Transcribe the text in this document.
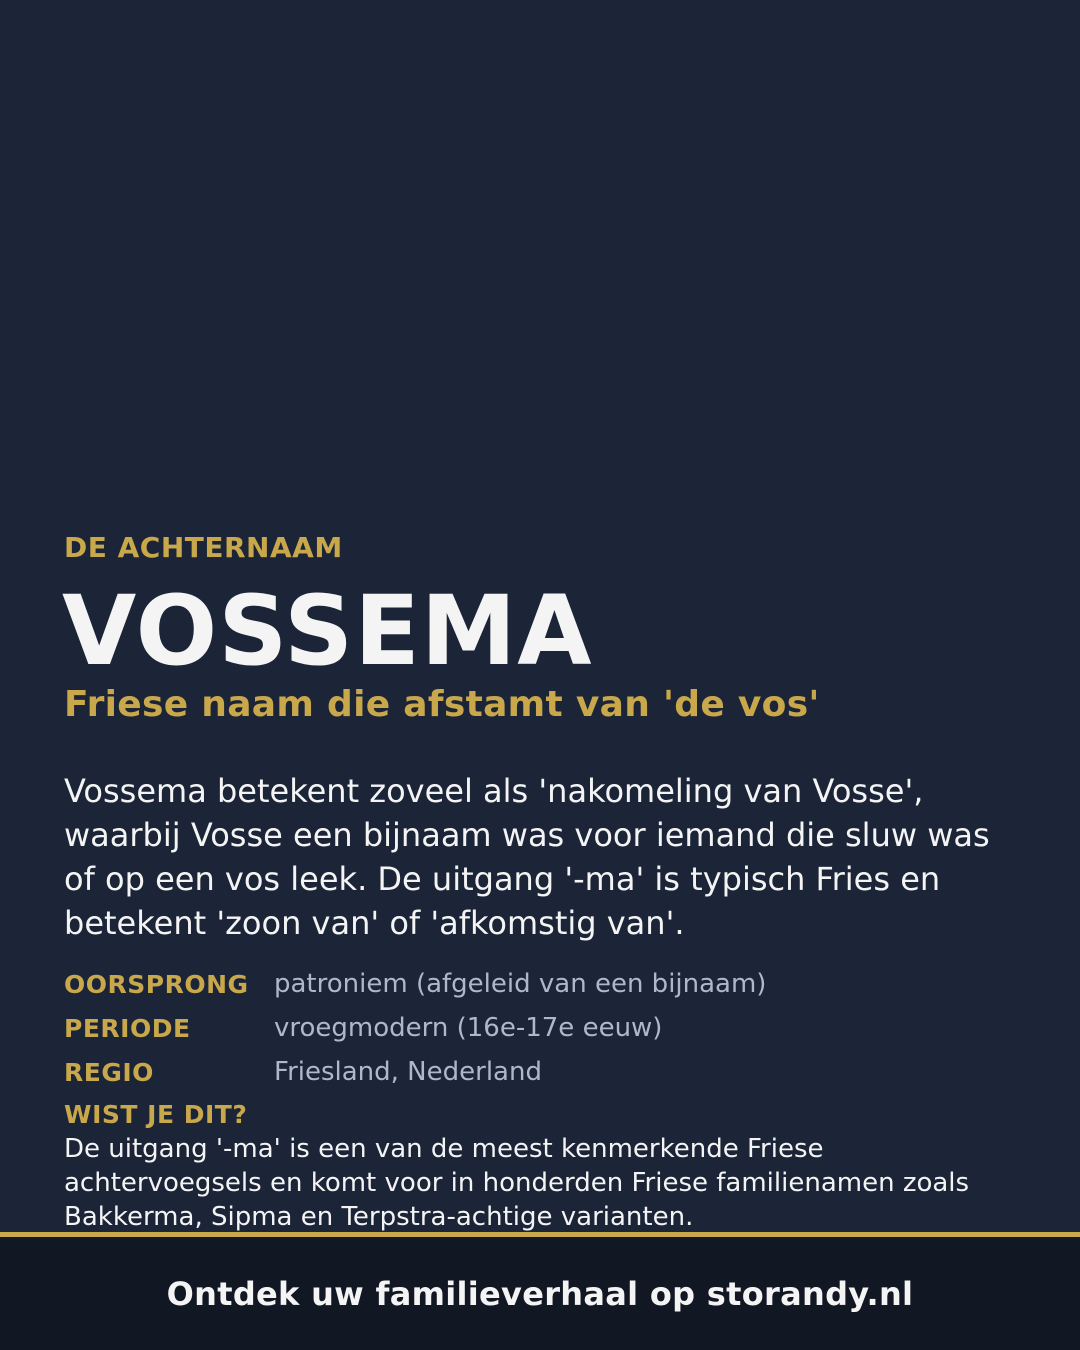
DE ACHTERNAAM

VOSSEMA
Friese naam die afstamt van 'de vos'

Vossema betekent zoveel als 'nakomeling van Vosse', waarbij Vosse een bijnaam was voor iemand die sluw was of op een vos leek. De uitgang '-ma' is typisch Fries en betekent 'zoon van' of 'afkomstig van'.

OORSPRONG patroniem (afgeleid van een bijnaam)
PERIODE	vroegmodern (16e-17e eeuw)
REGIO	Friesland, Nederland

WIST JE DIT?

De uitgang '-ma' is een van de meest kenmerkende Friese achtervoegsels en komt voor in honderden Friese familienamen zoals Bakkerma, Sipma en Terpstra-achtige varianten.

Ontdek uw familieverhaal op storandy.nl
